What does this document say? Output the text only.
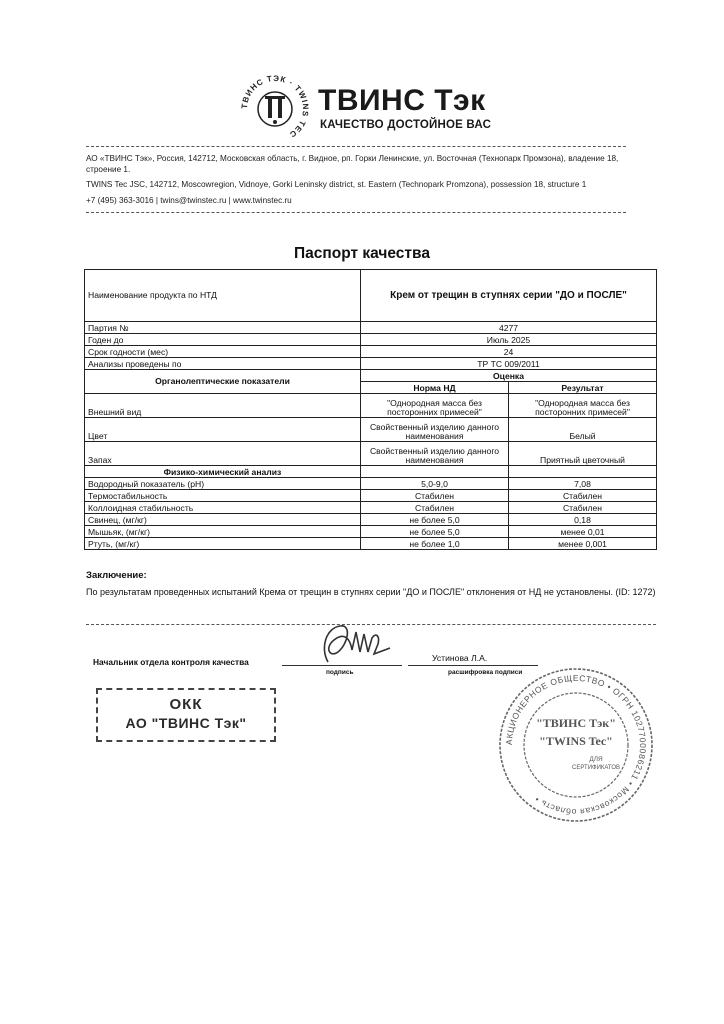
ТВИНС ТЭК · TWINS TEC
ТВИНС Тэк
КАЧЕСТВО ДОСТОЙНОЕ ВАС
АО «ТВИНС Тэк», Россия, 142712, Московская область, г. Видное, рп. Горки Ленинские, ул. Восточная (Технопарк Промзона), владение 18, строение 1.
TWINS Tec JSC, 142712, Moscowregion, Vidnoye, Gorki Leninsky district, st. Eastern (Technopark Promzona), possession 18, structure 1
+7 (495) 363-3016 | twins@twinstec.ru | www.twinstec.ru
Паспорт качества
Наименование продукта по НТД	Крем от трещин в ступнях серии "ДО и ПОСЛЕ"	
Партия №	4277	
Годен до	Июль 2025	
Срок годности (мес)	24	
Анализы проведены по	ТР ТС 009/2011	
Органолептические показатели	Оценка	
	Норма НД	Результат
Внешний вид	"Однородная масса без посторонних примесей"	"Однородная масса без посторонних примесей"
Цвет	Свойственный изделию данного наименования	Белый
Запах	Свойственный изделию данного наименования	Приятный цветочный
Физико-химический анализ		
Водородный показатель (pH)	5,0-9,0	7,08
Термостабильность	Стабилен	Стабилен
Коллоидная стабильность	Стабилен	Стабилен
Свинец, (мг/кг)	не более 5,0	0,18
Мышьяк, (мг/кг)	не более 5,0	менее 0,01
Ртуть, (мг/кг)	не более 1,0	менее 0,001
Заключение:
По результатам проведенных испытаний Крема от трещин в ступнях серии "ДО и ПОСЛЕ" отклонения от НД не установлены. (ID: 1272)
Начальник отдела контроля качества
подпись
Устинова Л.А.
расшифровка подписи
ОКК
АО "ТВИНС Тэк"
АКЦИОНЕРНОЕ ОБЩЕСТВО • ОГРН 1027700086211 • Московская область •
"ТВИНС Тэк"
"TWINS Tec"
ДЛЯ
СЕРТИФИКАТОВ
